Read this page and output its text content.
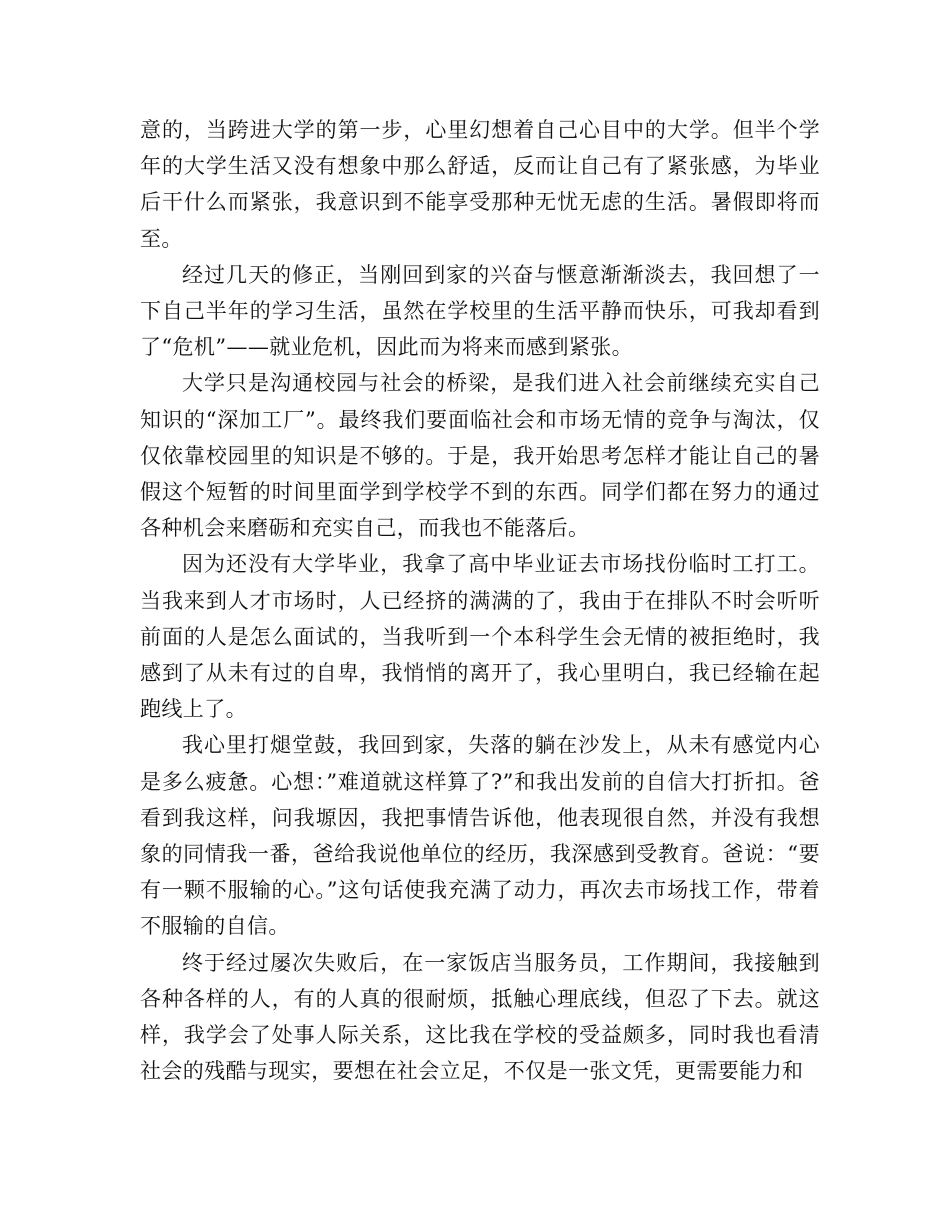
意的，当跨进大学的第一步，心里幻想着自己心目中的大学。但半个学年的大学生活又没有想象中那么舒适，反而让自己有了紧张感，为毕业后干什么而紧张，我意识到不能享受那种无忧无虑的生活。暑假即将而至。

经过几天的修正，当刚回到家的兴奋与惬意渐渐淡去，我回想了一下自己半年的学习生活，虽然在学校里的生活平静而快乐，可我却看到了“危机”——就业危机，因此而为将来而感到紧张。

大学只是沟通校园与社会的桥梁，是我们进入社会前继续充实自己知识的“深加工厂”。最终我们要面临社会和市场无情的竞争与淘汰，仅仅依靠校园里的知识是不够的。于是，我开始思考怎样才能让自己的暑假这个短暂的时间里面学到学校学不到的东西。同学们都在努力的通过各种机会来磨砺和充实自己，而我也不能落后。

因为还没有大学毕业，我拿了高中毕业证去市场找份临时工打工。当我来到人才市场时，人已经挤的满满的了，我由于在排队不时会听听前面的人是怎么面试的，当我听到一个本科学生会无情的被拒绝时，我感到了从未有过的自卑，我悄悄的离开了，我心里明白，我已经输在起跑线上了。

我心里打煺堂鼓，我回到家，失落的躺在沙发上，从未有感觉内心是多么疲惫。心想：”难道就这样算了?”和我出发前的自信大打折扣。爸看到我这样，问我塬因，我把事情告诉他，他表现很自然，并没有我想象的同情我一番，爸给我说他单位的经历，我深感到受教育。爸说：“要有一颗不服输的心。”这句话使我充满了动力，再次去市场找工作，带着不服输的自信。

终于经过屡次失败后，在一家饭店当服务员，工作期间，我接触到各种各样的人，有的人真的很耐烦，抵触心理底线，但忍了下去。就这样，我学会了处事人际关系，这比我在学校的受益颇多，同时我也看清社会的残酷与现实，要想在社会立足，不仅是一张文凭，更需要能力和
